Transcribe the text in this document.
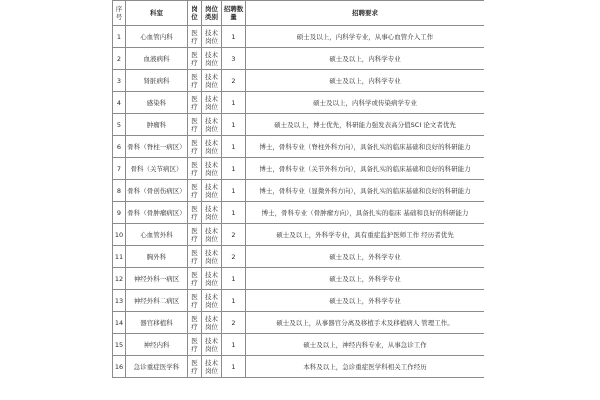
序号	科室	岗位	岗位类别	招聘数量	招聘要求
1	心血管内科	医疗	技术岗位	1	硕士及以上，内科学专业，从事心血管介入工作
2	血液病科	医疗	技术岗位	3	硕士及以上，内科学专业
3	肾脏病科	医疗	技术岗位	2	硕士及以上，内科学专业
4	感染科	医疗	技术岗位	1	硕士及以上，内科学或传染病学专业
5	肿瘤科	医疗	技术岗位	1	硕士及以上，博士优先，科研能力强发表高分值SCI 论文者优先
6	骨科（脊柱一病区）	医疗	技术岗位	1	博士，骨科专业（脊柱外科方向），具备扎实的临床基础和良好的科研能力
7	骨科（关节病区）	医疗	技术岗位	1	博士，骨科专业（关节外科方向），具备扎实的临床基础和良好的科研能力
8	骨科（骨创伤病区）	医疗	技术岗位	1	博士，骨科专业（显微外科方向），具备扎实的临床基础和良好的科研能力
9	骨科（骨肿瘤病区）	医疗	技术岗位	1	博士，骨科专业（骨肿瘤方向），具备扎实的临床 基础和良好的科研能力
10	心血管外科	医疗	技术岗位	2	硕士及以上，外科学专业，具有重症监护医师工作 经历者优先
11	胸外科	医疗	技术岗位	2	硕士及以上，外科学专业
12	神经外科一病区	医疗	技术岗位	1	硕士及以上，外科学专业
13	神经外科二病区	医疗	技术岗位	1	硕士及以上，外科学专业
14	器官移植科	医疗	技术岗位	2	硕士及以上，从事器官分离及移植手术及移植病人 管理工作。
15	神经内科	医疗	技术岗位	1	硕士及以上，神经内科专业，从事急诊工作
16	急诊重症医学科	医疗	技术岗位	1	本科及以上，急诊重症医学科相关工作经历
